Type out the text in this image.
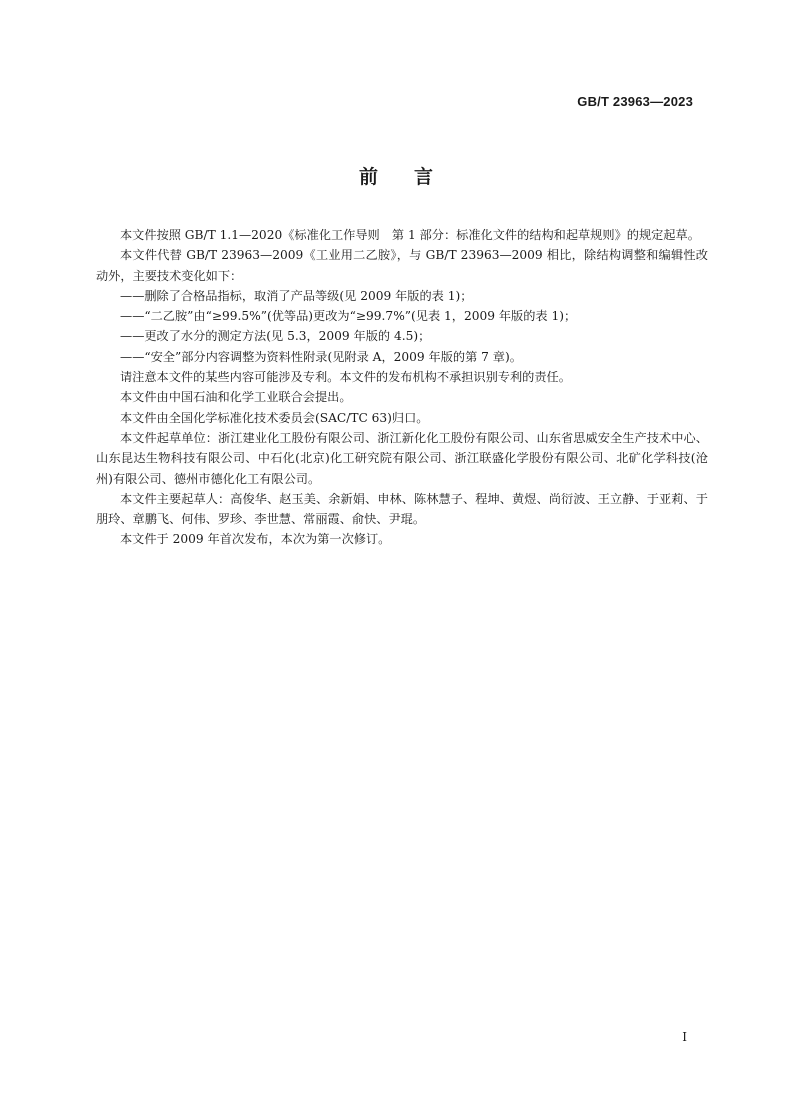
GB/T 23963—2023
前言

本文件按照 GB/T 1.1—2020《标准化工作导则　第 1 部分：标准化文件的结构和起草规则》的规定起草。

本文件代替 GB/T 23963—2009《工业用二乙胺》，与 GB/T 23963—2009 相比，除结构调整和编辑性改动外，主要技术变化如下：

——删除了合格品指标，取消了产品等级(见 2009 年版的表 1)；

——“二乙胺”由“≥99.5%”(优等品)更改为“≥99.7%”(见表 1，2009 年版的表 1)；

——更改了水分的测定方法(见 5.3，2009 年版的 4.5)；

——“安全”部分内容调整为资料性附录(见附录 A，2009 年版的第 7 章)。

请注意本文件的某些内容可能涉及专利。本文件的发布机构不承担识别专利的责任。

本文件由中国石油和化学工业联合会提出。

本文件由全国化学标准化技术委员会(SAC/TC 63)归口。

本文件起草单位：浙江建业化工股份有限公司、浙江新化化工股份有限公司、山东省思威安全生产技术中心、山东昆达生物科技有限公司、中石化(北京)化工研究院有限公司、浙江联盛化学股份有限公司、北矿化学科技(沧州)有限公司、德州市德化化工有限公司。

本文件主要起草人：高俊华、赵玉美、余新娟、申林、陈林慧子、程坤、黄煜、尚衍波、王立静、于亚莉、于朋玲、章鹏飞、何伟、罗珍、李世慧、常丽霞、俞快、尹琨。

本文件于 2009 年首次发布，本次为第一次修订。

I
